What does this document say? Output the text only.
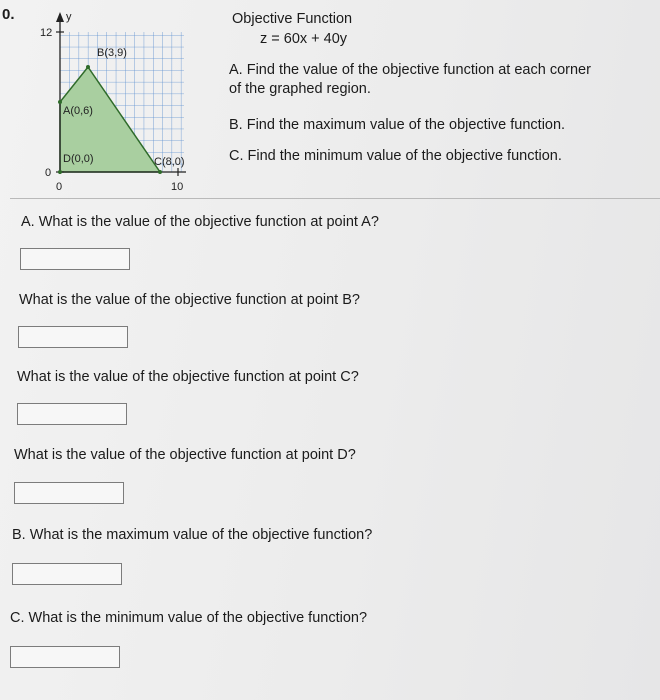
0.
12
y
0
0	10
B(3,9)
A(0,6)
D(0,0)	C(8,0)
Objective Function
z = 60x + 40y
A. Find the value of the objective function at each corner
of the graphed region.
B. Find the maximum value of the objective function.
C. Find the minimum value of the objective function.
A. What is the value of the objective function at point A?
What is the value of the objective function at point B?
What is the value of the objective function at point C?
What is the value of the objective function at point D?
B. What is the maximum value of the objective function?
C. What is the minimum value of the objective function?
